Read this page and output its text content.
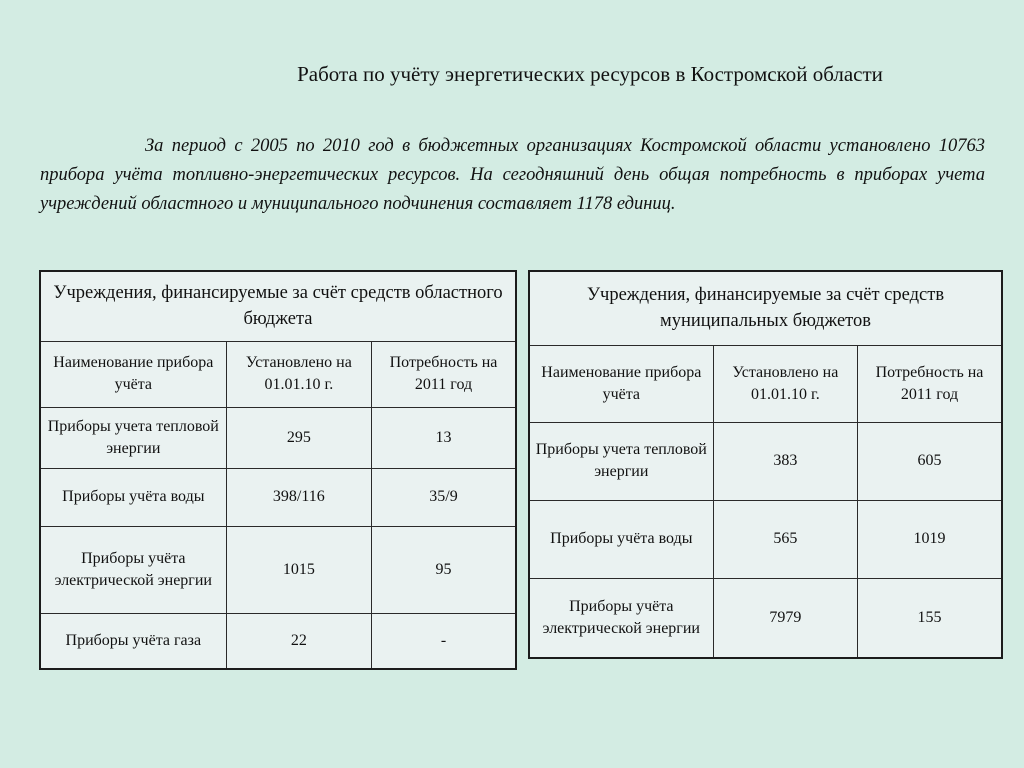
Работа по учёту энергетических ресурсов в Костромской области

За период с 2005 по 2010 год в бюджетных организациях Костромской области установлено 10763 прибора учёта топливно-энергетических ресурсов. На сегодняшний день общая потребность в приборах учета учреждений областного и муниципального подчинения составляет 1178 единиц.

Учреждения, финансируемые за счёт средств областного бюджета		
Наименование прибора учёта	Установлено на 01.01.10 г.	Потребность на 2011 год
Приборы учета тепловой энергии	295	13
Приборы учёта воды	398/116	35/9
Приборы учёта электрической энергии	1015	95
Приборы учёта газа	22	-
Учреждения, финансируемые за счёт средств муниципальных бюджетов		
Наименование прибора учёта	Установлено на 01.01.10 г.	Потребность на 2011 год
Приборы учета тепловой энергии	383	605
Приборы учёта воды	565	1019
Приборы учёта электрической энергии	7979	155
